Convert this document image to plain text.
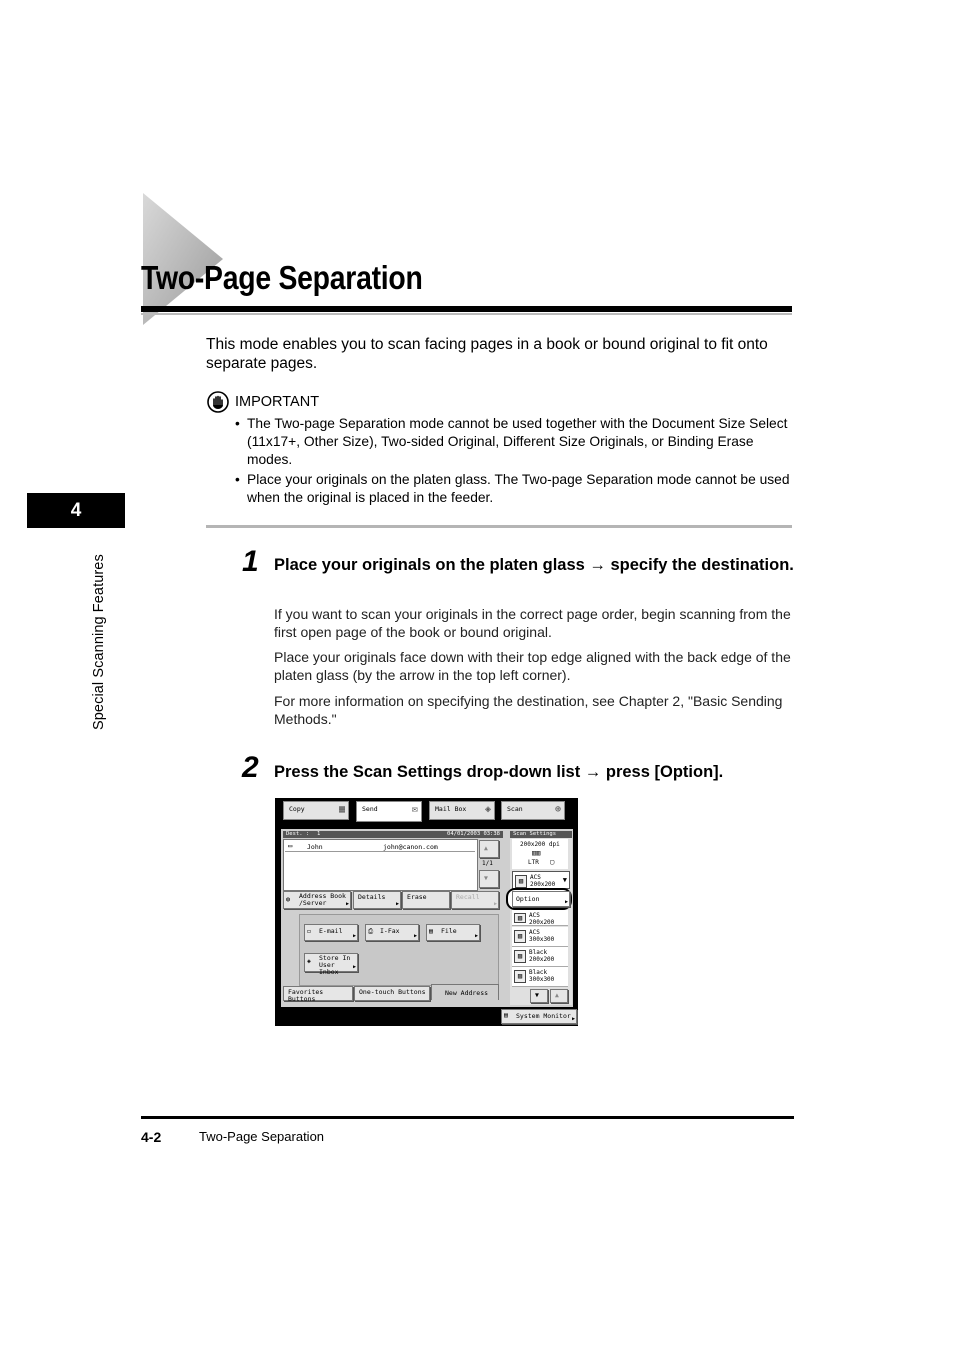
4
Special Scanning Features
Two-Page Separation
This mode enables you to scan facing pages in a book or bound original to fit onto separate pages.
IMPORTANT
• The Two-page Separation mode cannot be used together with the Document Size Select (11x17+, Other Size), Two-sided Original, Different Size Originals, or Binding Erase modes.
• Place your originals on the platen glass. The Two-page Separation mode cannot be used when the original is placed in the feeder.
1 Place your originals on the platen glass → specify the destination.
If you want to scan your originals in the correct page order, begin scanning from the first open page of the book or bound original.
Place your originals face down with their top edge aligned with the back edge of the platen glass (by the arrow in the top left corner).
For more information on specifying the destination, see Chapter 2, "Basic Sending Methods."
2 Press the Scan Settings drop-down list → press [Option].
Copy	▦	Send	✉	Mail Box ◈ Scan	⊕
Dest. : 1	04/01/2003 03:38
▭ John	john@canon.com	▲
1/1
▼
◍ Address Book /Server	▶
Details
▶
Erase	Recall
▶
▭ E-mail
▶
⎙ I-Fax
▶
▤ File
▶
◈ Store In User Inbox
▶
Favorites Buttons
One-touch Buttons	New Address
Scan Settings
200x200 dpi
▥▥
LTR ▢
▧	ACS 200x200
▼
Option	▶
▧	ACS 200x200
▧	ACS 300x300
▨	Black 200x200
▨	Black 300x300
▼ ▲
▤ System Monitor ▶
4-2	Two-Page Separation
